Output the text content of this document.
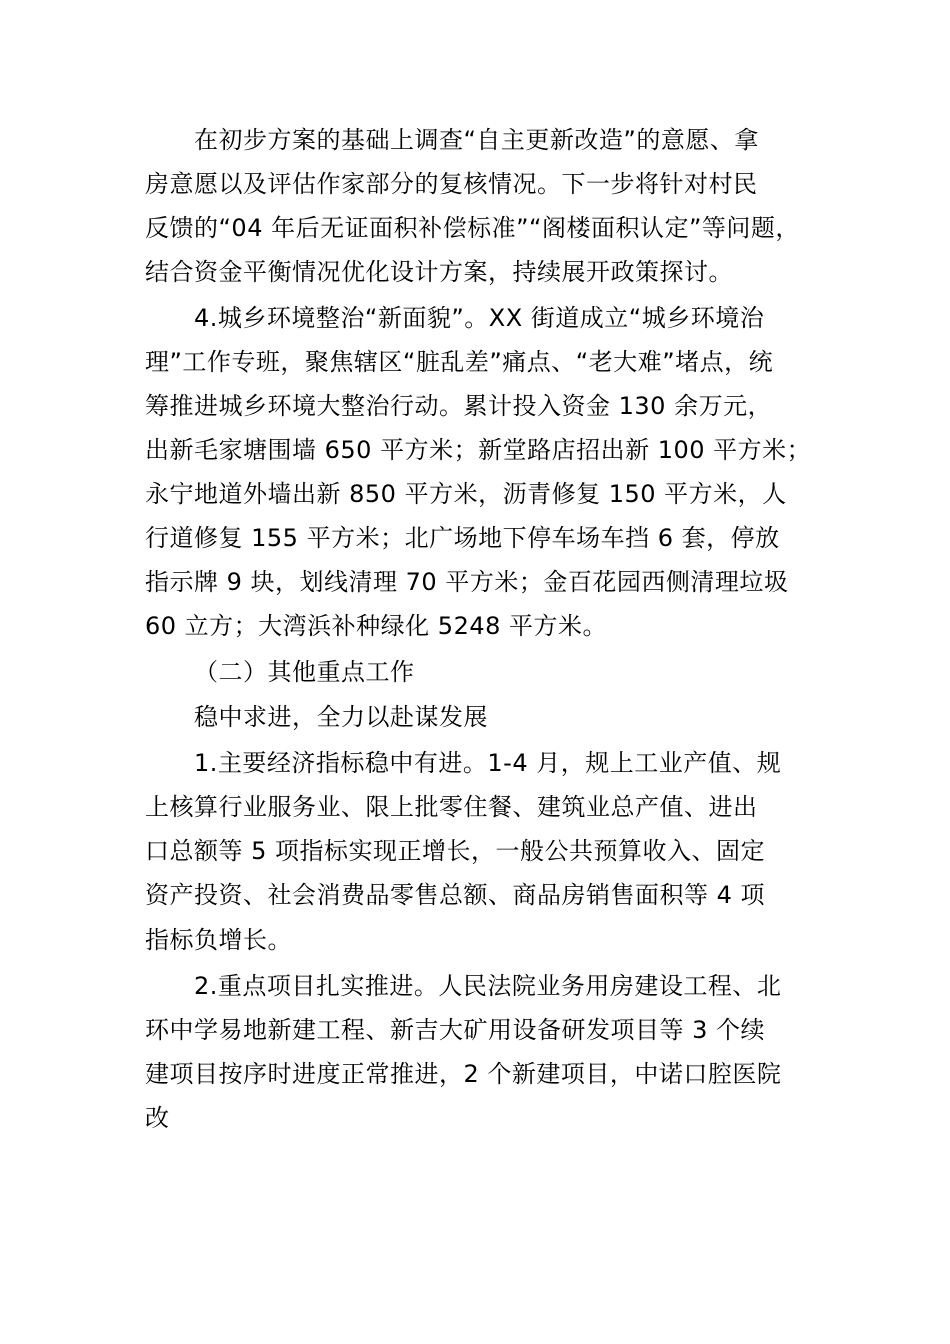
在初步方案的基础上调查“自主更新改造”的意愿、拿
房意愿以及评估作家部分的复核情况。下一步将针对村民
反馈的“04 年后无证面积补偿标准”“阁楼面积认定”等问题，
结合资金平衡情况优化设计方案，持续展开政策探讨。
4.城乡环境整治“新面貌”。XX 街道成立“城乡环境治
理”工作专班，聚焦辖区“脏乱差”痛点、“老大难”堵点，统
筹推进城乡环境大整治行动。累计投入资金 130 余万元，
出新毛家塘围墙 650 平方米；新堂路店招出新 100 平方米；
永宁地道外墙出新 850 平方米，沥青修复 150 平方米，人
行道修复 155 平方米；北广场地下停车场车挡 6 套，停放
指示牌 9 块，划线清理 70 平方米；金百花园西侧清理垃圾
60 立方；大湾浜补种绿化 5248 平方米。
（二）其他重点工作
稳中求进，全力以赴谋发展
1.主要经济指标稳中有进。1-4 月，规上工业产值、规
上核算行业服务业、限上批零住餐、建筑业总产值、进出
口总额等 5 项指标实现正增长，一般公共预算收入、固定
资产投资、社会消费品零售总额、商品房销售面积等 4 项
指标负增长。
2.重点项目扎实推进。人民法院业务用房建设工程、北
环中学易地新建工程、新吉大矿用设备研发项目等 3 个续
建项目按序时进度正常推进，2 个新建项目，中诺口腔医院
改
